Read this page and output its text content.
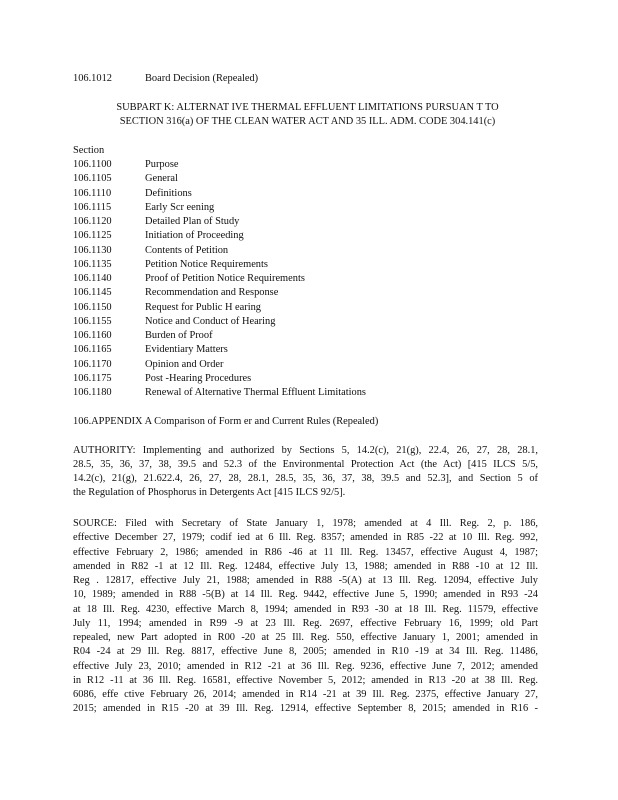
106.1012	Board Decision (Repealed)
SUBPART K: ALTERNAT IVE THERMAL EFFLUENT LIMITATIONS PURSUAN T TO
SECTION 316(a) OF THE CLEAN WATER ACT AND 35 ILL. ADM. CODE 304.141(c)
Section
106.1100	Purpose
106.1105	General
106.1110	Definitions
106.1115	Early Scr eening
106.1120	Detailed Plan of Study
106.1125	Initiation of Proceeding
106.1130	Contents of Petition
106.1135	Petition Notice Requirements
106.1140	Proof of Petition Notice Requirements
106.1145	Recommendation and Response
106.1150	Request for Public H earing
106.1155	Notice and Conduct of Hearing
106.1160	Burden of Proof
106.1165	Evidentiary Matters
106.1170	Opinion and Order
106.1175	Post -Hearing Procedures
106.1180	Renewal of Alternative Thermal Effluent Limitations
106.APPENDIX A Comparison of Form er and Current Rules (Repealed)
AUTHORITY: Implementing and authorized by Sections 5, 14.2(c), 21(g), 22.4, 26, 27, 28, 28.1,
28.5, 35, 36, 37, 38, 39.5 and 52.3 of the Environmental Protection Act (the Act) [415 ILCS 5/5,
14.2(c), 21(g), 21.622.4, 26, 27, 28, 28.1, 28.5, 35, 36, 37, 38, 39.5 and 52.3], and Section 5 of
the Regulation of Phosphorus in Detergents Act [415 ILCS 92/5].
SOURCE: Filed with Secretary of State January 1, 1978; amended at 4 Ill. Reg. 2, p. 186,
effective December 27, 1979; codif ied at 6 Ill. Reg. 8357; amended in R85 -22 at 10 Ill. Reg. 992,
effective February 2, 1986; amended in R86 -46 at 11 Ill. Reg. 13457, effective August 4, 1987;
amended in R82 -1 at 12 Ill. Reg. 12484, effective July 13, 1988; amended in R88 -10 at 12 Ill.
Reg . 12817, effective July 21, 1988; amended in R88 -5(A) at 13 Ill. Reg. 12094, effective July
10, 1989; amended in R88 -5(B) at 14 Ill. Reg. 9442, effective June 5, 1990; amended in R93 -24
at 18 Ill. Reg. 4230, effective March 8, 1994; amended in R93 -30 at 18 Ill. Reg. 11579, effective
July 11, 1994; amended in R99 -9 at 23 Ill. Reg. 2697, effective February 16, 1999; old Part
repealed, new Part adopted in R00 -20 at 25 Ill. Reg. 550, effective January 1, 2001; amended in
R04 -24 at 29 Ill. Reg. 8817, effective June 8, 2005; amended in R10 -19 at 34 Ill. Reg. 11486,
effective July 23, 2010; amended in R12 -21 at 36 Ill. Reg. 9236, effective June 7, 2012; amended
in R12 -11 at 36 Ill. Reg. 16581, effective November 5, 2012; amended in R13 -20 at 38 Ill. Reg.
6086, effe ctive February 26, 2014; amended in R14 -21 at 39 Ill. Reg. 2375, effective January 27,
2015; amended in R15 -20 at 39 Ill. Reg. 12914, effective September 8, 2015; amended in R16 -
